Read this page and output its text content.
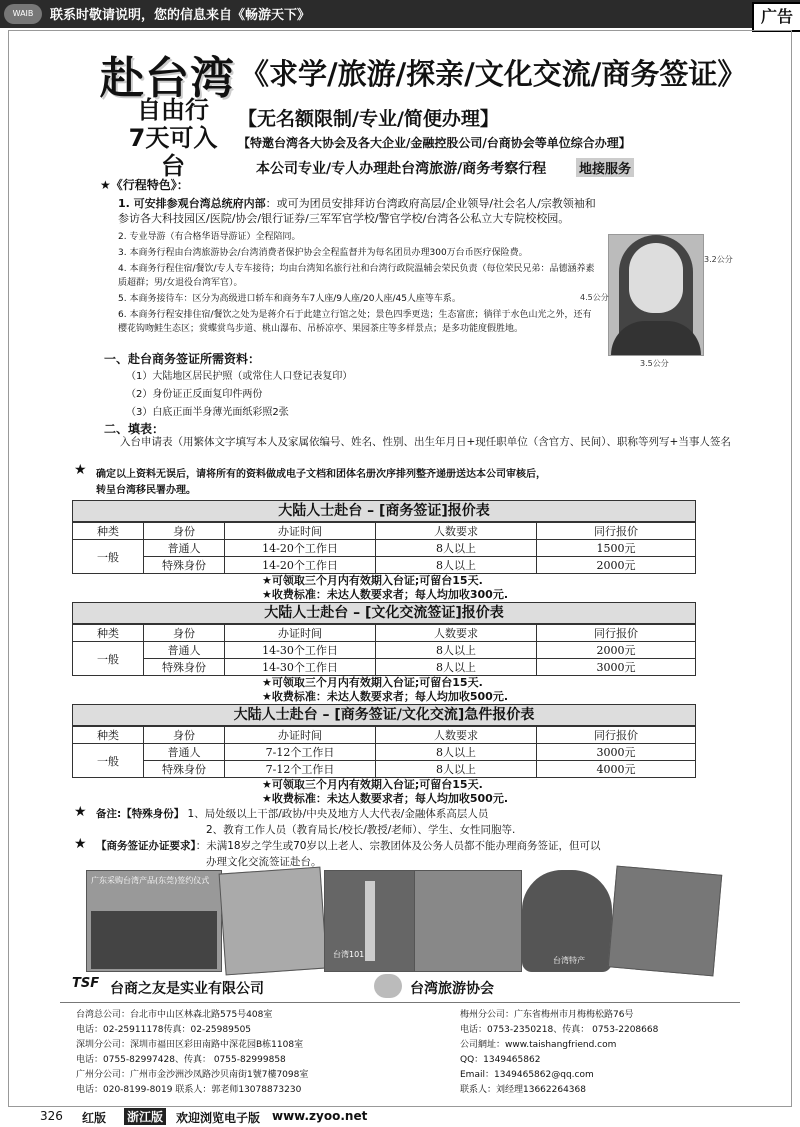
WAIB	联系时敬请说明，您的信息来自《畅游天下》	广告
赴台湾 《求学/旅游/探亲/文化交流/商务签证》
自由行
7天可入台
【无名额限制/专业/简便办理】
【特邀台湾各大协会及各大企业/金融控股公司/台商协会等单位综合办理】
本公司专业/专人办理赴台湾旅游/商务考察行程	地接服务
★《行程特色》：
1. 可安排参观台湾总统府内部：或可为团员安排拜访台湾政府高层/企业领导/社会名人/宗教领袖和参访各大科技园区/医院/协会/银行证券/三军军官学校/警官学校/台湾各公私立大专院校校园。
2. 专业导游（有合格华语导游证）全程陪同。
3. 本商务行程由台湾旅游协会/台湾消费者保护协会全程监督并为每名团员办理300万台币医疗保险费。
4. 本商务行程住宿/餐饮/专人专车接待；均由台湾知名旅行社和台湾行政院温辅会荣民负责（每位荣民兄弟：品德涵养素质超群；男/女退役台湾军官）。
5. 本商务接待车：区分为高级进口轿车和商务车7人座/9人座/20人座/45人座等车系。
6. 本商务行程安排住宿/餐饮之处为是蒋介石于此建立行馆之处；景色四季更迭；生态富庶；徜徉于水色山光之外，还有樱花钩吻鲑生态区；赏蝶赏鸟步道、桃山瀑布、吊桥凉亭、果园茶庄等多样景点；是多功能度假胜地。
3.2公分
4.5公分
3.5公分
一、赴台商务签证所需资料：
（1）大陆地区居民护照（或常住人口登记表复印）
（2）身份证正反面复印件两份
（3）白底正面半身薄光面纸彩照2张
二、填表：
入台申请表（用繁体文字填写本人及家属依编号、姓名、性别、出生年月日+现任职单位（含官方、民间）、职称等列写+当事人签名
★ 确定以上资料无误后，请将所有的资料做成电子文档和团体名册次序排列整齐递册送达本公司审核后，
转呈台湾移民署办理。
大陆人士赴台 – [商务签证]报价表
种类	身份	办证时间	人数要求	同行报价
一般	普通人	14-20个工作日	8人以上	1500元
	特殊身份	14-20个工作日	8人以上	2000元
★可领取三个月内有效期入台证;可留台15天.
★收费标准：未达人数要求者；每人均加收300元.
大陆人士赴台 – [文化交流签证]报价表
种类	身份	办证时间	人数要求	同行报价
一般	普通人	14-30个工作日	8人以上	2000元
	特殊身份	14-30个工作日	8人以上	3000元
★可领取三个月内有效期入台证;可留台15天.
★收费标准：未达人数要求者；每人均加收500元.
大陆人士赴台 – [商务签证/文化交流]急件报价表
种类	身份	办证时间	人数要求	同行报价
一般	普通人	7-12个工作日	8人以上	3000元
	特殊身份	7-12个工作日	8人以上	4000元
★可领取三个月内有效期入台证;可留台15天.
★收费标准：未达人数要求者；每人均加收500元.
★ 备注:【特殊身份】 1、局处级以上干部/政协/中央及地方人大代表/金融体系高层人员
2、教育工作人员（教育局长/校长/教授/老师）、学生、女性同胞等.
★ 【商务签证办证要求】：未满18岁之学生或70岁以上老人、宗教团体及公务人员都不能办理商务签证，但可以
办理文化交流签证赴台。
广东采购台湾产品(东莞)签约仪式
台湾101
台湾特产
TSF 台商之友是实业有限公司	台湾旅游协会
台湾总公司：台北市中山区林森北路575号408室
电话：02-25911178传真：02-25989505
深圳分公司：深圳市福田区彩田南路中深花园B栋1108室
电话：0755-82997428、传真： 0755-82999858
广州分公司：广州市金沙洲沙凤路沙贝南街1號7樓7098室
电话：020-8199-8019 联系人：郭老师13078873230
梅州分公司：广东省梅州市月梅梅松路76号
电话：0753-2350218、传真： 0753-2208668
公司網址：www.taishangfriend.com
QQ：1349465862
Email：1349465862@qq.com
联系人：刘经理13662264368
326 红版 浙江版 欢迎浏览电子版 www.zyoo.net
